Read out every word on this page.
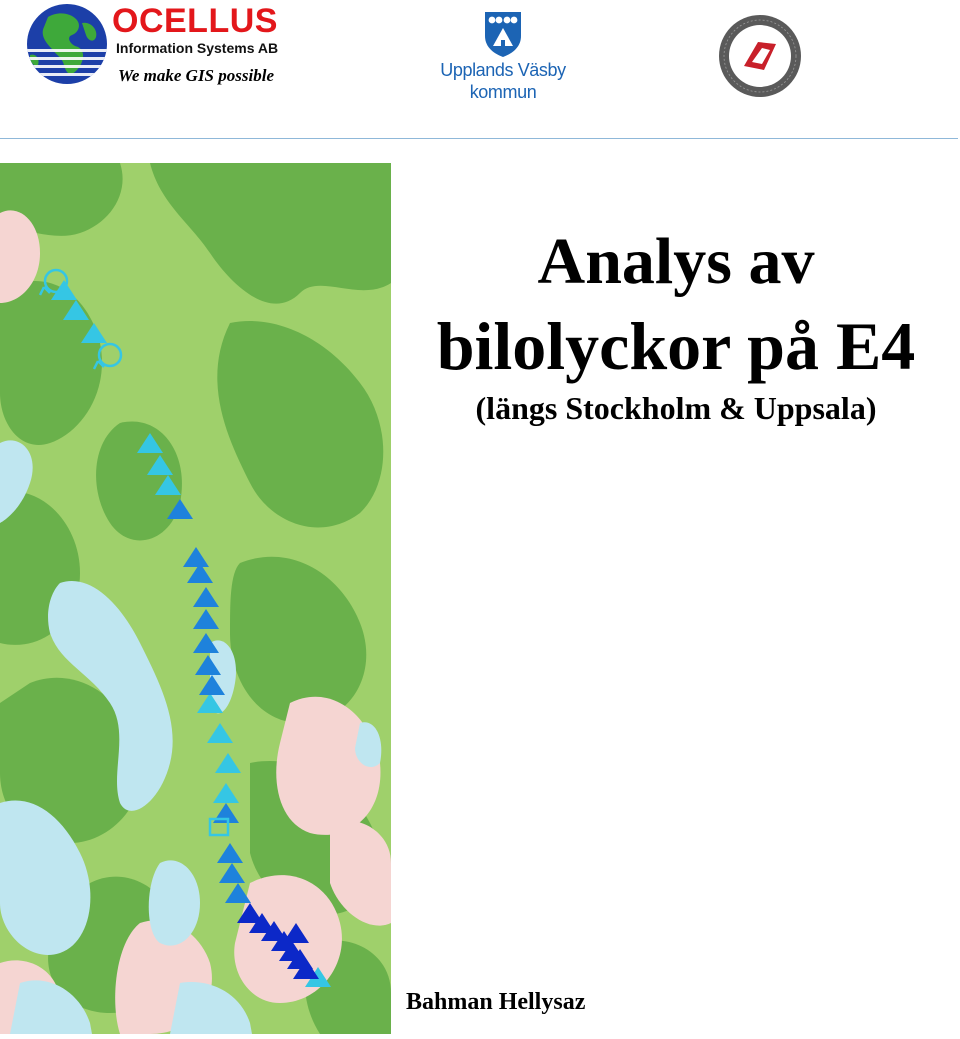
OCELLUS
Information Systems AB
We make GIS possible	Upplands Väsby
kommun
Analys av
bilolyckor på E4
(längs Stockholm & Uppsala)
Bahman Hellysaz
